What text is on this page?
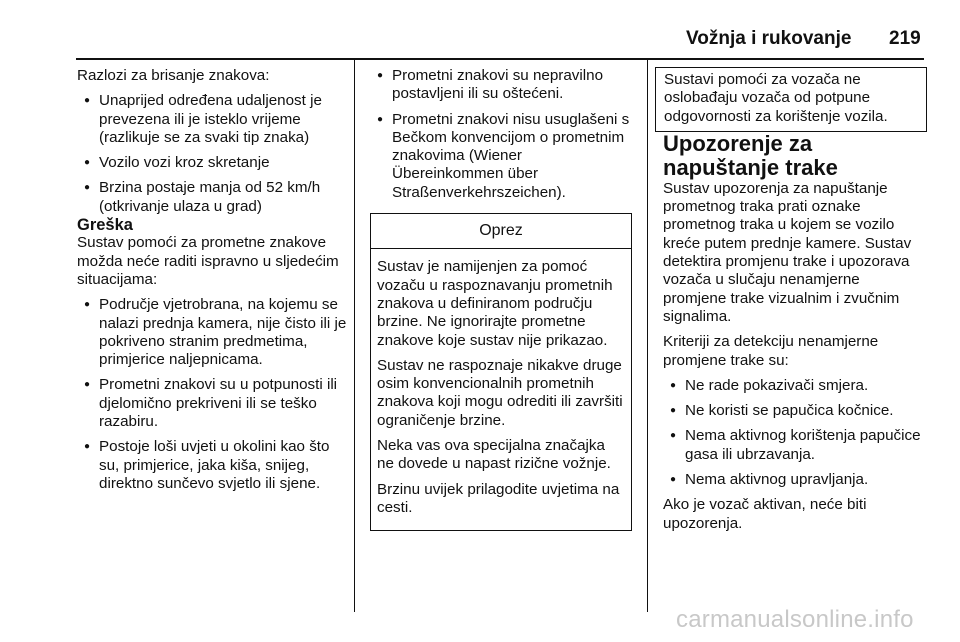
Vožnja i rukovanje 219

Razlozi za brisanje znakova:

● Unaprijed određena udaljenost je prevezena ili je isteklo vrijeme (razlikuje se za svaki tip znaka)
● Vozilo vozi kroz skretanje
● Brzina postaje manja od 52 km/h (otkrivanje ulaza u grad)

Greška

Sustav pomoći za prometne znakove možda neće raditi ispravno u sljedećim situacijama:

● Područje vjetrobrana, na kojemu se nalazi prednja kamera, nije čisto ili je pokriveno stranim predmetima, primjerice naljepnicama.
● Prometni znakovi su u potpunosti ili djelomično prekriveni ili se teško razabiru.
● Postoje loši uvjeti u okolini kao što su, primjerice, jaka kiša, snijeg, direktno sunčevo svjetlo ili sjene.
● Prometni znakovi su nepravilno postavljeni ili su oštećeni.
● Prometni znakovi nisu usuglašeni s Bečkom konvencijom o prometnim znakovima (Wiener Übereinkommen über Straßenverkehrszeichen).
Oprez

Sustav je namijenjen za pomoć vozaču u raspoznavanju prometnih znakova u definiranom području brzine. Ne ignorirajte prometne znakove koje sustav nije prikazao.

Sustav ne raspoznaje nikakve druge osim konvencionalnih prometnih znakova koji mogu odrediti ili završiti ograničenje brzine.

Neka vas ova specijalna značajka ne dovede u napast rizične vožnje.

Brzinu uvijek prilagodite uvjetima na cesti.

Sustavi pomoći za vozača ne oslobađaju vozača od potpune odgovornosti za korištenje vozila.

Upozorenje za napuštanje trake

Sustav upozorenja za napuštanje prometnog traka prati oznake prometnog traka u kojem se vozilo kreće putem prednje kamere. Sustav detektira promjenu trake i upozorava vozača u slučaju nenamjerne promjene trake vizualnim i zvučnim signalima.

Kriteriji za detekciju nenamjerne promjene trake su:

● Ne rade pokazivači smjera.
● Ne koristi se papučica kočnice.
● Nema aktivnog korištenja papučice gasa ili ubrzavanja.
● Nema aktivnog upravljanja.

Ako je vozač aktivan, neće biti upozorenja.

carmanualsonline.info
